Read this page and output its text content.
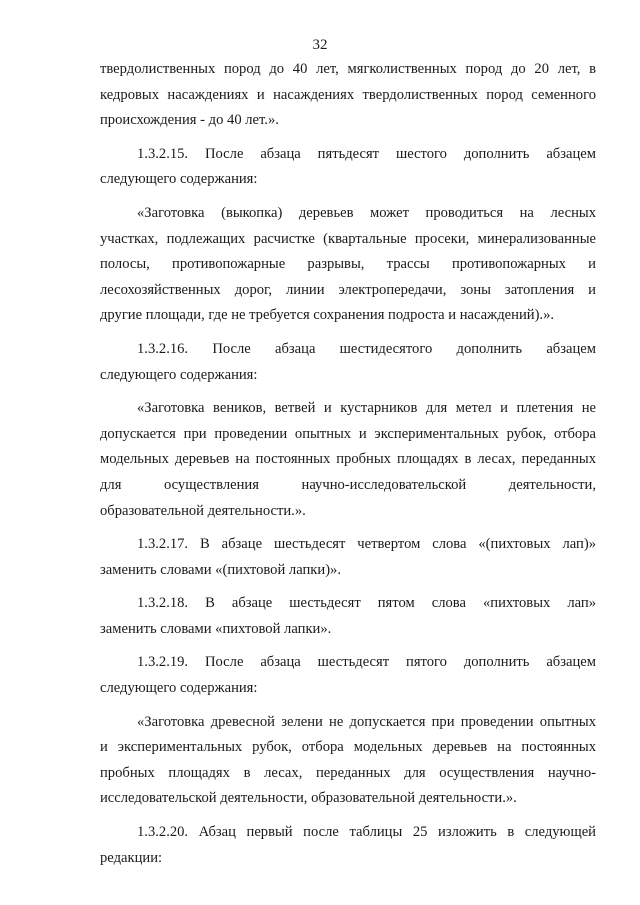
32
твердолиственных пород до 40 лет, мягколиственных пород до 20 лет, в
кедровых насаждениях и насаждениях твердолиственных пород семенного
происхождения - до 40 лет.».
1.3.2.15. После абзаца пятьдесят шестого дополнить абзацем
следующего содержания:
«Заготовка (выкопка) деревьев может проводиться на лесных
участках, подлежащих расчистке (квартальные просеки, минерализованные
полосы, противопожарные разрывы, трассы противопожарных и
лесохозяйственных дорог, линии электропередачи, зоны затопления и
другие площади, где не требуется сохранения подроста и насаждений).».
1.3.2.16. После абзаца шестидесятого дополнить абзацем
следующего содержания:
«Заготовка веников, ветвей и кустарников для метел и плетения не
допускается при проведении опытных и экспериментальных рубок, отбора
модельных деревьев на постоянных пробных площадях в лесах, переданных
для осуществления научно-исследовательской деятельности,
образовательной деятельности.».
1.3.2.17. В абзаце шестьдесят четвертом слова «(пихтовых лап)»
заменить словами «(пихтовой лапки)».
1.3.2.18. В абзаце шестьдесят пятом слова «пихтовых лап»
заменить словами «пихтовой лапки».
1.3.2.19. После абзаца шестьдесят пятого дополнить абзацем
следующего содержания:
«Заготовка древесной зелени не допускается при проведении опытных
и экспериментальных рубок, отбора модельных деревьев на постоянных
пробных площадях в лесах, переданных для осуществления научно-
исследовательской деятельности, образовательной деятельности.».
1.3.2.20. Абзац первый после таблицы 25 изложить в следующей
редакции:
